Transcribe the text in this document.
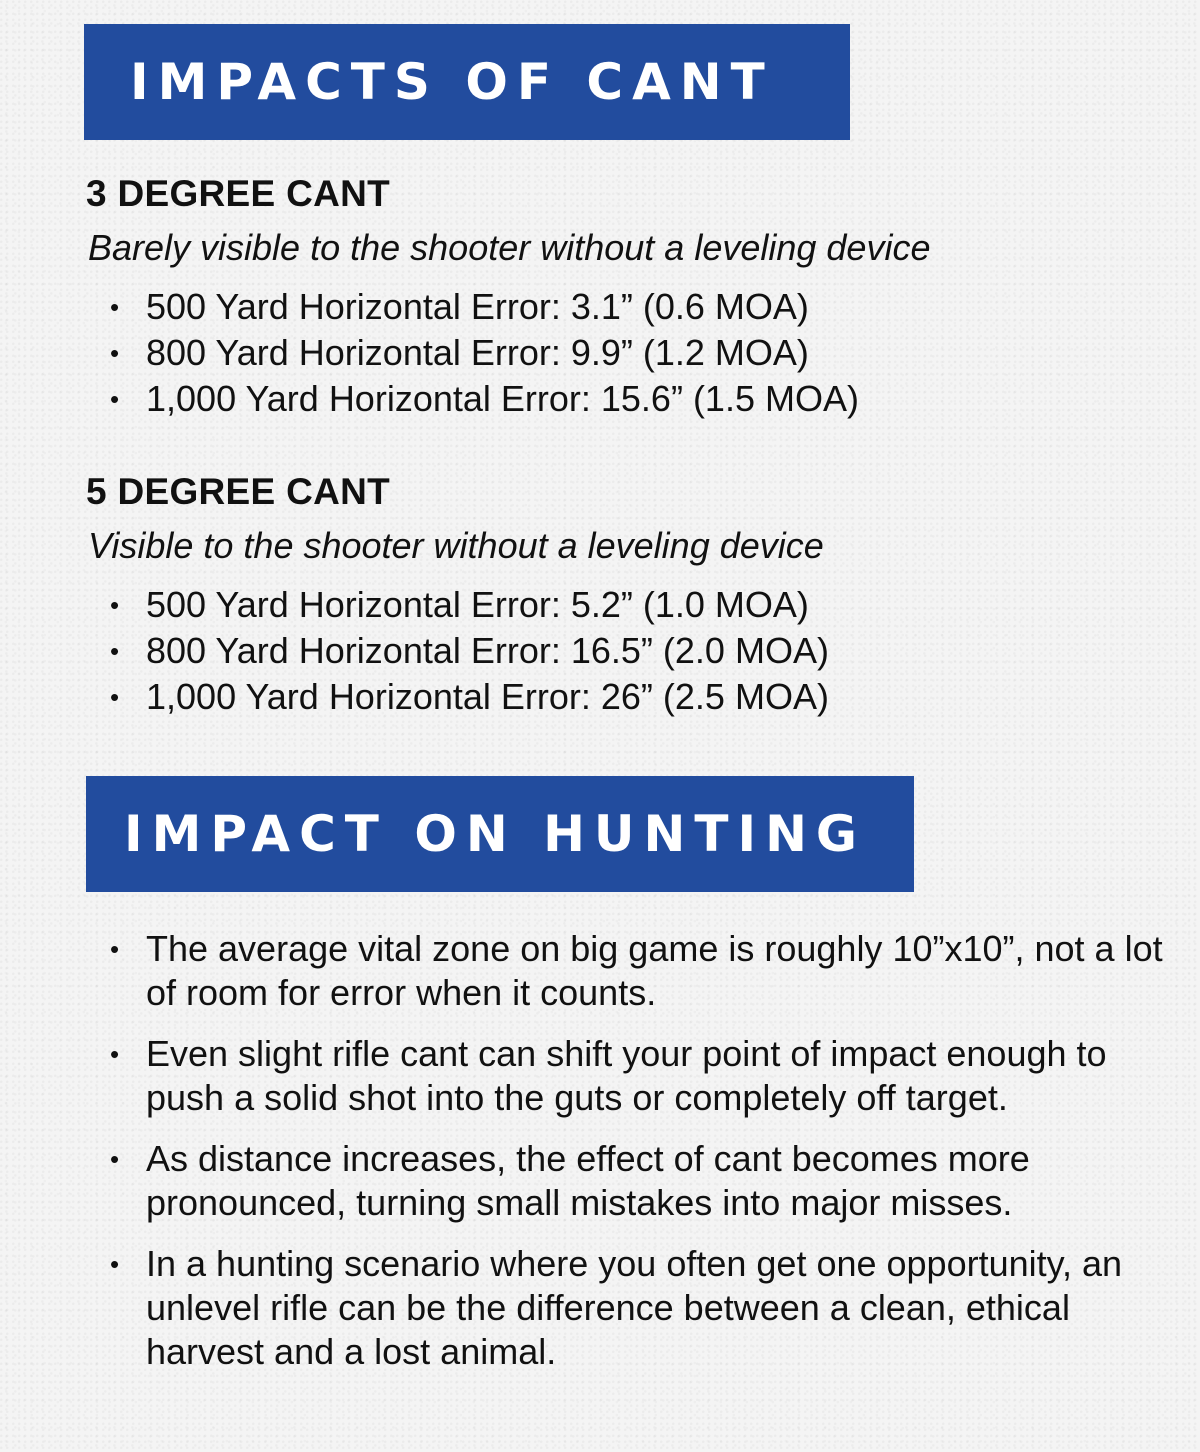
IMPACTS OF CANT
3 DEGREE CANT
Barely visible to the shooter without a leveling device
• 500 Yard Horizontal Error: 3.1” (0.6 MOA)
• 800 Yard Horizontal Error: 9.9” (1.2 MOA)
• 1,000 Yard Horizontal Error: 15.6” (1.5 MOA)
5 DEGREE CANT
Visible to the shooter without a leveling device
• 500 Yard Horizontal Error: 5.2” (1.0 MOA)
• 800 Yard Horizontal Error: 16.5” (2.0 MOA)
• 1,000 Yard Horizontal Error: 26” (2.5 MOA)
IMPACT ON HUNTING
• The average vital zone on big game is roughly 10”x10”, not a lot of room for error when it counts.
• Even slight rifle cant can shift your point of impact enough to push a solid shot into the guts or completely off target.
• As distance increases, the effect of cant becomes more pronounced, turning small mistakes into major misses.
• In a hunting scenario where you often get one opportunity, an unlevel rifle can be the difference between a clean, ethical harvest and a lost animal.
